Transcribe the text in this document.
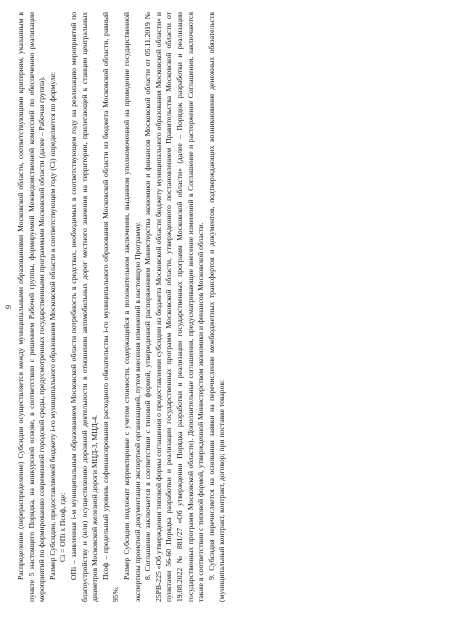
9 Распределение (перераспределение) Субсидии осуществляется между муниципальными образованиями Московской области, соответствующими критериям, указанным в пункте 5 настоящего Порядка, на конкурсной основе, в соответствии с решением Рабочей группы, формируемой Межведомственной комиссией по обеспечению реализации мероприятий по формированию современной городской среды, предусмотренных государственными программами Московской области (далее – Рабочая группа). Размер Субсидии, предоставляемой бюджету i-го муниципального образования Московской области в соответствующем году (Ci) определяется по формуле: Ci = ОПi x Псоф, где: ОПi – заявленная i-м муниципальным образованием Московской области потребность в средствах, необходимых в соответствующем году на реализацию мероприятий по благоустройству и (или) осуществлению дорожной деятельности в отношении автомобильных дорог местного значения на территории, прилегающей к станции центральных диаметров Московской железной дороги МЦД-3, МЦД-4. Псоф – предельный уровень софинансирования расходного обязательства i-го муниципального образования Московской области из бюджета Московской области, равный 95%.

Размер Субсидии подлежит корректировке с учетом стоимости, содержащейся в положительном заключении, выданном уполномоченной на проведение государственной экспертизы проектной документации экспертной организацией, путем внесения изменений в настоящую Программу. 8. Соглашение заключается в соответствии с типовой формой, утвержденной распоряжением Министерства экономики и финансов Московской области от 05.11.2019 № 25РВ-225 «Об утверждении типовой формы соглашения о предоставлении субсидии из бюджета Московской области бюджету муниципального образования Московской области» и пунктами 56-60 Порядка разработки и реализации государственных программ Московской области, утвержденного постановлением Правительства Московской области от 19.08.2022 № 881/27 «Об утверждении Порядка разработки и реализации государственных программ Московской области» (далее – Порядок разработки и реализации государственных программ Московской области). Дополнительные соглашения, предусматривающие внесение изменений в Соглашение и расторжение Соглашения, заключаются также в соответствии с типовой формой, утвержденной Министерством экономики и финансов Московской области. 9. Субсидия перечисляется на основании заявки на перечисление межбюджетных трансфертов и документов, подтверждающих возникновение денежных обязательств (муниципальный контракт, контракт, договор; при поставке товаров:
